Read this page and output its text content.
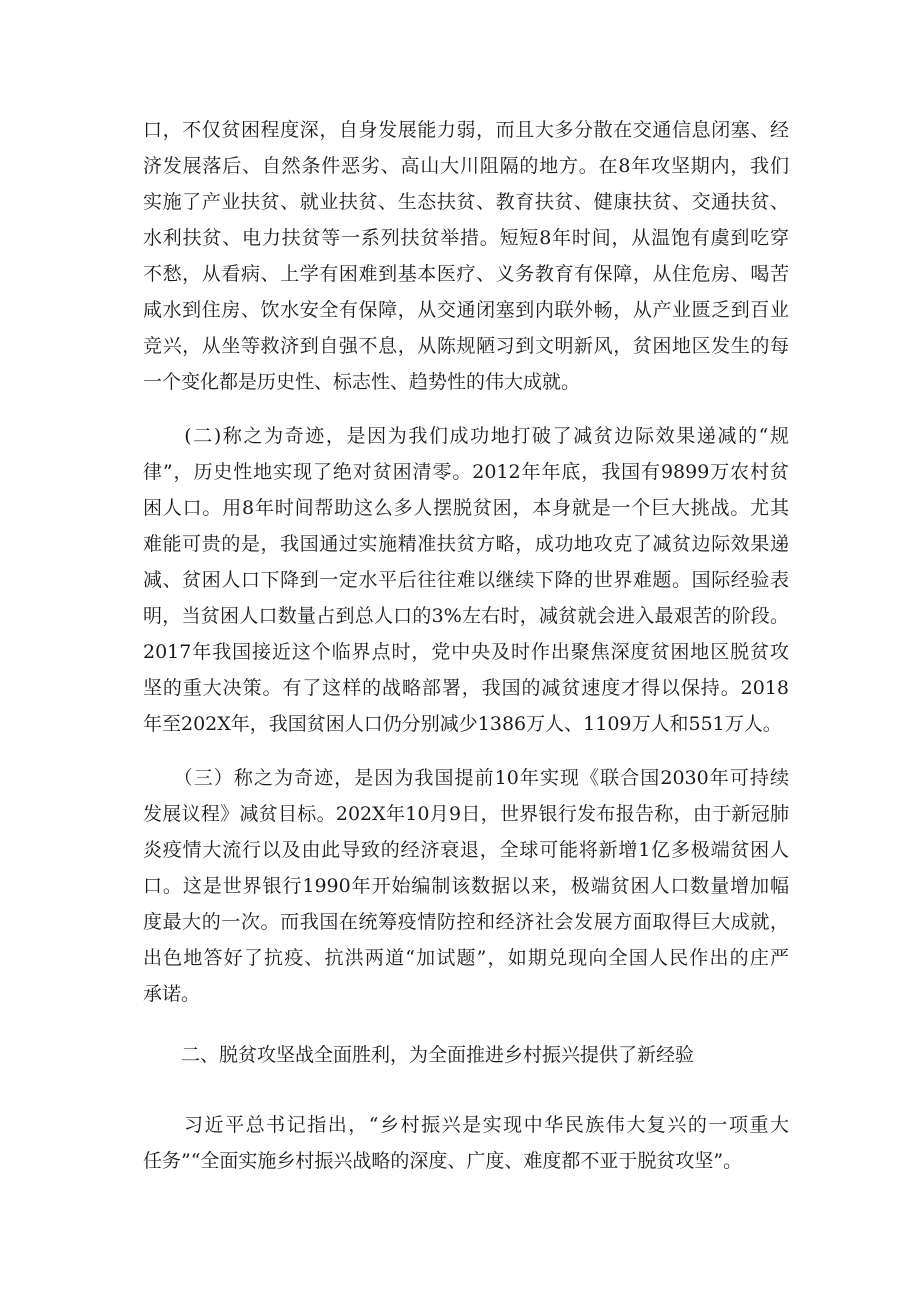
口，不仅贫困程度深，自身发展能力弱，而且大多分散在交通信息闭塞、经
济发展落后、自然条件恶劣、高山大川阻隔的地方。在8年攻坚期内，我们
实施了产业扶贫、就业扶贫、生态扶贫、教育扶贫、健康扶贫、交通扶贫、
水利扶贫、电力扶贫等一系列扶贫举措。短短8年时间，从温饱有虞到吃穿
不愁，从看病、上学有困难到基本医疗、义务教育有保障，从住危房、喝苦
咸水到住房、饮水安全有保障，从交通闭塞到内联外畅，从产业匮乏到百业
竞兴，从坐等救济到自强不息，从陈规陋习到文明新风，贫困地区发生的每
一个变化都是历史性、标志性、趋势性的伟大成就。
　　(二)称之为奇迹，是因为我们成功地打破了减贫边际效果递减的“规
律”，历史性地实现了绝对贫困清零。2012年年底，我国有9899万农村贫
困人口。用8年时间帮助这么多人摆脱贫困，本身就是一个巨大挑战。尤其
难能可贵的是，我国通过实施精准扶贫方略，成功地攻克了减贫边际效果递
减、贫困人口下降到一定水平后往往难以继续下降的世界难题。国际经验表
明，当贫困人口数量占到总人口的3%左右时，减贫就会进入最艰苦的阶段。
2017年我国接近这个临界点时，党中央及时作出聚焦深度贫困地区脱贫攻
坚的重大决策。有了这样的战略部署，我国的减贫速度才得以保持。2018
年至202X年，我国贫困人口仍分别减少1386万人、1109万人和551万人。
　　（三）称之为奇迹，是因为我国提前10年实现《联合国2030年可持续
发展议程》减贫目标。202X年10月9日，世界银行发布报告称，由于新冠肺
炎疫情大流行以及由此导致的经济衰退，全球可能将新增1亿多极端贫困人
口。这是世界银行1990年开始编制该数据以来，极端贫困人口数量增加幅
度最大的一次。而我国在统筹疫情防控和经济社会发展方面取得巨大成就，
出色地答好了抗疫、抗洪两道“加试题”，如期兑现向全国人民作出的庄严
承诺。
　　二、脱贫攻坚战全面胜利，为全面推进乡村振兴提供了新经验
　　习近平总书记指出，“乡村振兴是实现中华民族伟大复兴的一项重大
任务”“全面实施乡村振兴战略的深度、广度、难度都不亚于脱贫攻坚”。
